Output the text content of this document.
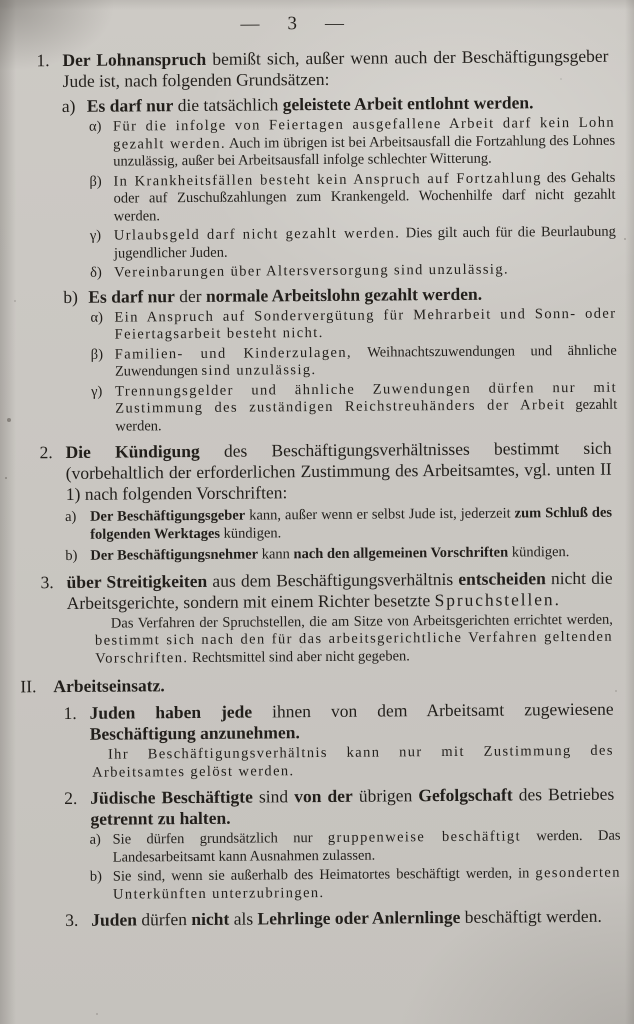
— 3 —

1. Der Lohnanspruch bemißt sich, außer wenn auch der Beschäftigungsgeber Jude ist, nach folgenden Grundsätzen:

a) Es darf nur die tatsächlich geleistete Arbeit entlohnt werden.

α) Für die infolge von Feiertagen ausgefallene Arbeit darf kein Lohn gezahlt werden. Auch im übrigen ist bei Arbeitsausfall die Fortzahlung des Lohnes unzulässig, außer bei Arbeitsausfall infolge schlechter Witterung.

β) In Krankheitsfällen besteht kein Anspruch auf Fortzahlung des Gehalts oder auf Zuschußzahlungen zum Krankengeld. Wochenhilfe darf nicht gezahlt werden.

γ) Urlaubsgeld darf nicht gezahlt werden. Dies gilt auch für die Beurlaubung jugendlicher Juden.

δ) Vereinbarungen über Altersversorgung sind unzulässig.

b) Es darf nur der normale Arbeitslohn gezahlt werden.

α) Ein Anspruch auf Sondervergütung für Mehrarbeit und Sonn- oder Feiertagsarbeit besteht nicht.

β) Familien- und Kinderzulagen, Weihnachtszuwendungen und ähnliche Zuwendungen sind unzulässig.

γ) Trennungsgelder und ähnliche Zuwendungen dürfen nur mit Zustimmung des zuständigen Reichstreuhänders der Arbeit gezahlt werden.

2. Die Kündigung des Beschäftigungsverhältnisses bestimmt sich (vorbehaltlich der erforderlichen Zustimmung des Arbeitsamtes, vgl. unten II 1) nach folgenden Vorschriften:

a) Der Beschäftigungsgeber kann, außer wenn er selbst Jude ist, jederzeit zum Schluß des folgenden Werktages kündigen.

b) Der Beschäftigungsnehmer kann nach den allgemeinen Vorschriften kündigen.

3. über Streitigkeiten aus dem Beschäftigungsverhältnis entscheiden nicht die Arbeitsgerichte, sondern mit einem Richter besetzte Spruchstellen.

Das Verfahren der Spruchstellen, die am Sitze von Arbeitsgerichten errichtet werden, bestimmt sich nach den für das arbeitsgerichtliche Verfahren geltenden Vorschriften. Rechtsmittel sind aber nicht gegeben.

II. Arbeitseinsatz.

1. Juden haben jede ihnen von dem Arbeitsamt zugewiesene Beschäftigung anzunehmen.

Ihr Beschäftigungsverhältnis kann nur mit Zustimmung des Arbeitsamtes gelöst werden.

2. Jüdische Beschäftigte sind von der übrigen Gefolgschaft des Betriebes getrennt zu halten.

a) Sie dürfen grundsätzlich nur gruppenweise beschäftigt werden. Das Landesarbeitsamt kann Ausnahmen zulassen.

b) Sie sind, wenn sie außerhalb des Heimatortes beschäftigt werden, in gesonderten Unterkünften unterzubringen.

3. Juden dürfen nicht als Lehrlinge oder Anlernlinge beschäftigt werden.
